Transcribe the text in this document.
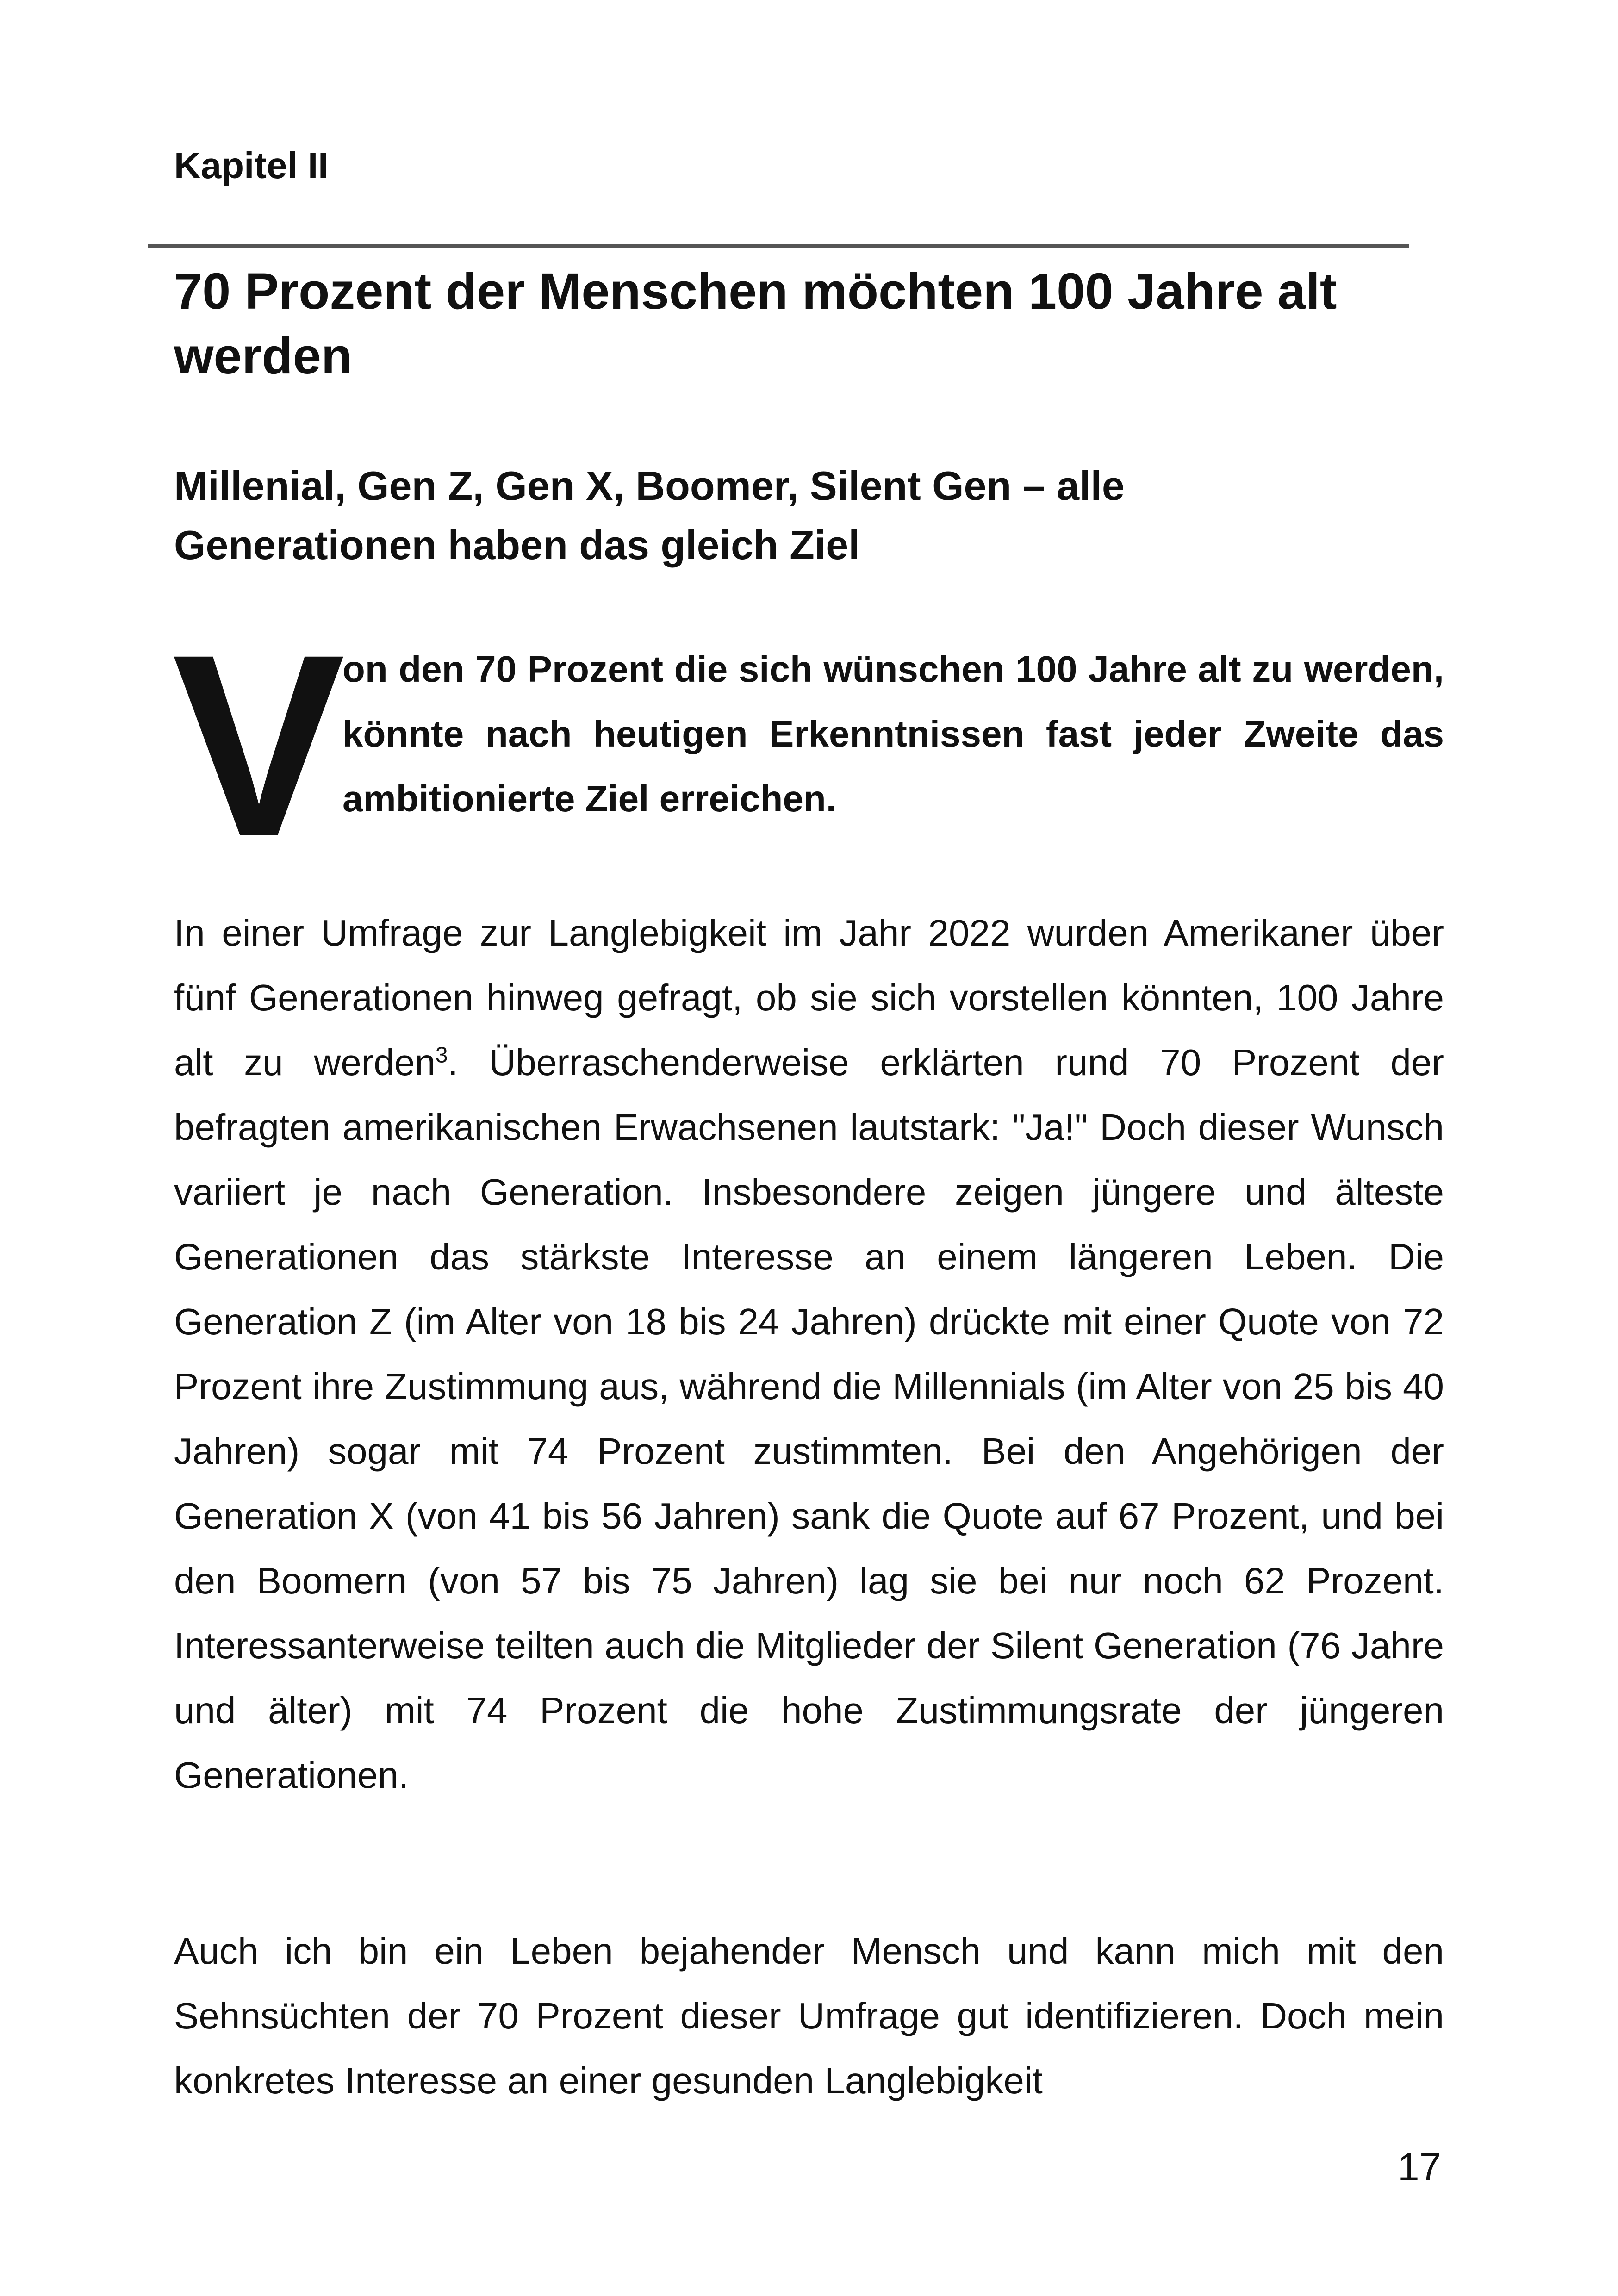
Kapitel II
70 Prozent der Menschen möchten 100 Jahre alt werden
Millenial, Gen Z, Gen X, Boomer, Silent Gen – alle Generationen haben das gleich Ziel
V

on den 70 Prozent die sich wünschen 100 Jahre alt zu werden, könnte nach heutigen Erkenntnissen fast jeder Zweite das ambitionierte Ziel erreichen.

In einer Umfrage zur Langlebigkeit im Jahr 2022 wurden Amerikaner über fünf Generationen hinweg gefragt, ob sie sich vorstellen könnten, 100 Jahre alt zu werden$^3$. Überraschenderweise erklärten rund 70 Prozent der befragten amerikanischen Erwachsenen lautstark: "Ja!" Doch dieser Wunsch variiert je nach Generation. Insbesondere zeigen jüngere und älteste Generationen das stärkste Interesse an einem längeren Leben. Die Generation Z (im Alter von 18 bis 24 Jahren) drückte mit einer Quote von 72 Prozent ihre Zustimmung aus, während die Millennials (im Alter von 25 bis 40 Jahren) sogar mit 74 Prozent zustimmten. Bei den Angehörigen der Generation X (von 41 bis 56 Jahren) sank die Quote auf 67 Prozent, und bei den Boomern (von 57 bis 75 Jahren) lag sie bei nur noch 62 Prozent. Interessanterweise teilten auch die Mitglieder der Silent Generation (76 Jahre und älter) mit 74 Prozent die hohe Zustimmungsrate der jüngeren Generationen.

Auch ich bin ein Leben bejahender Mensch und kann mich mit den Sehnsüchten der 70 Prozent dieser Umfrage gut identifizieren. Doch mein konkretes Interesse an einer gesunden Langlebigkeit

17
